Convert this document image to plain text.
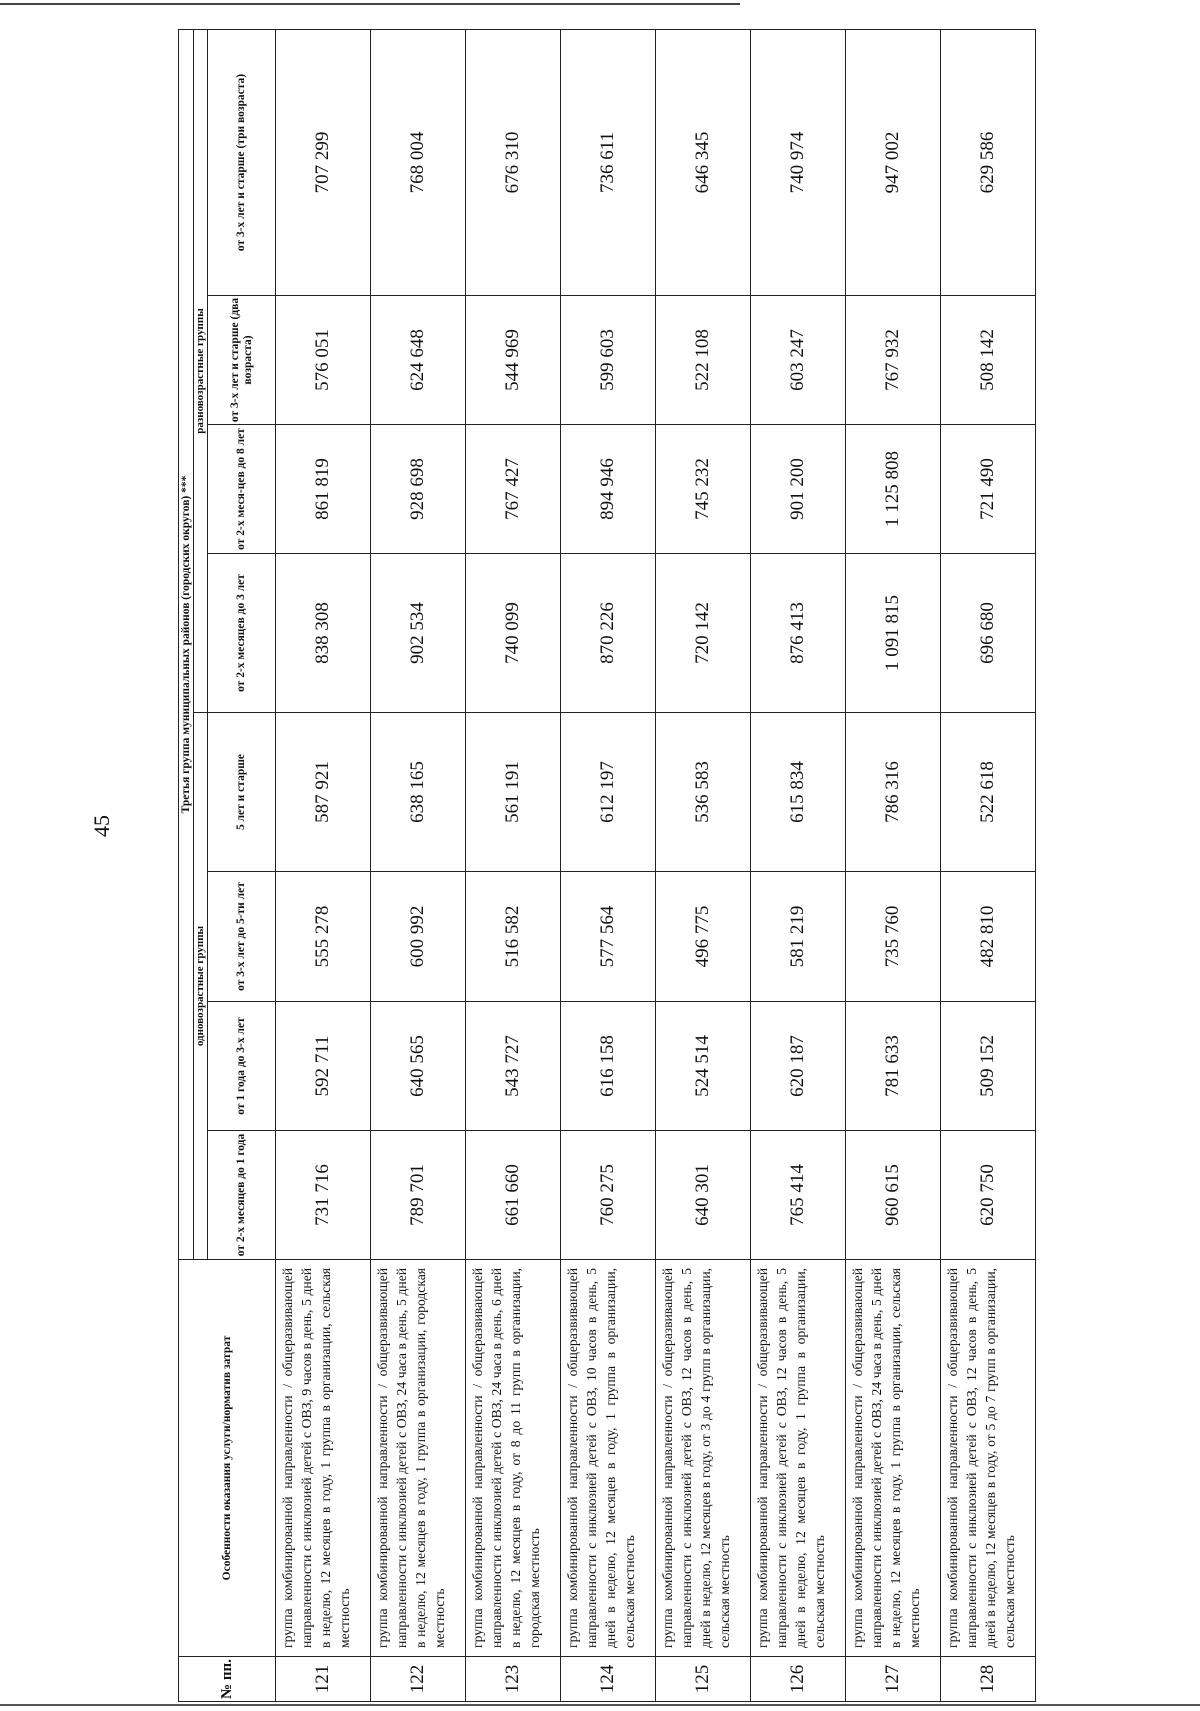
45
№ пп.	Особенности оказания услуги/норматив затрат	Третья группа муниципальных районов (городских округов) ***							
		одновозрастные группы				разновозрастные группы			
		от 2-х месяцев до 1 года	от 1 года до 3-х лет	от 3-х лет до 5-ти лет	5 лет и старше	от 2-х месяцев до 3 лет	от 2-х меся-цев до 8 лет	от 3-х лет и старше (два возраста)	от 3-х лет и старше (три возраста)
121	группа комбинированной направленности / общеразвивающей направленности с инклюзией детей с ОВЗ, 9 часов в день, 5 дней в неделю, 12 месяцев в году, 1 группа в организации, сельская местность	731 716	592 711	555 278	587 921	838 308	861 819	576 051	707 299
122	группа комбинированной направленности / общеразвивающей направленности с инклюзией детей с ОВЗ, 24 часа в день, 5 дней в неделю, 12 месяцев в году, 1 группа в организации, городская местность	789 701	640 565	600 992	638 165	902 534	928 698	624 648	768 004
123	группа комбинированной направленности / общеразвивающей направленности с инклюзией детей с ОВЗ, 24 часа в день, 6 дней в неделю, 12 месяцев в году, от 8 до 11 групп в организации, городская местность	661 660	543 727	516 582	561 191	740 099	767 427	544 969	676 310
124	группа комбинированной направленности / общеразвивающей направленности с инклюзией детей с ОВЗ, 10 часов в день, 5 дней в неделю, 12 месяцев в году, 1 группа в организации, сельская местность	760 275	616 158	577 564	612 197	870 226	894 946	599 603	736 611
125	группа комбинированной направленности / общеразвивающей направленности с инклюзией детей с ОВЗ, 12 часов в день, 5 дней в неделю, 12 месяцев в году, от 3 до 4 групп в организации, сельская местность	640 301	524 514	496 775	536 583	720 142	745 232	522 108	646 345
126	группа комбинированной направленности / общеразвивающей направленности с инклюзией детей с ОВЗ, 12 часов в день, 5 дней в неделю, 12 месяцев в году, 1 группа в организации, сельская местность	765 414	620 187	581 219	615 834	876 413	901 200	603 247	740 974
127	группа комбинированной направленности / общеразвивающей направленности с инклюзией детей с ОВЗ, 24 часа в день, 5 дней в неделю, 12 месяцев в году, 1 группа в организации, сельская местность	960 615	781 633	735 760	786 316	1 091 815	1 125 808	767 932	947 002
128	группа комбинированной направленности / общеразвивающей направленности с инклюзией детей с ОВЗ, 12 часов в день, 5 дней в неделю, 12 месяцев в году, от 5 до 7 групп в организации, сельская местность	620 750	509 152	482 810	522 618	696 680	721 490	508 142	629 586
